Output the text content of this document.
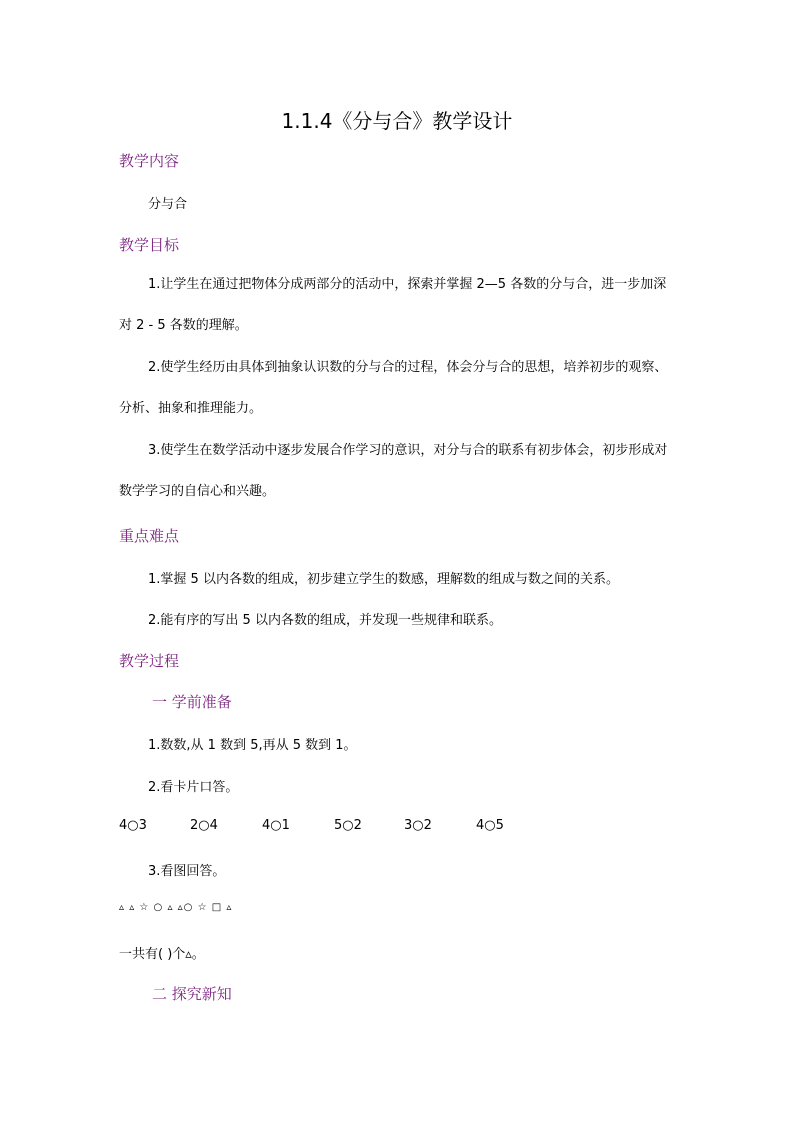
1.1.4《分与合》教学设计
教学内容
分与合
教学目标
1.让学生在通过把物体分成两部分的活动中，探索并掌握 2—5 各数的分与合，进一步加深对 2 - 5 各数的理解。
2.使学生经历由具体到抽象认识数的分与合的过程，体会分与合的思想，培养初步的观察、分析、抽象和推理能力。
3.使学生在数学活动中逐步发展合作学习的意识，对分与合的联系有初步体会，初步形成对数学学习的自信心和兴趣。
重点难点
1.掌握 5 以内各数的组成，初步建立学生的数感，理解数的组成与数之间的关系。
2.能有序的写出 5 以内各数的组成，并发现一些规律和联系。
教学过程
一 学前准备
1.数数,从 1 数到 5,再从 5 数到 1。
2.看卡片口答。
4○3	2○4	4○1	5○2	3○2	4○5
3.看图回答。
▵ ▵ ☆ ○ ▵ ▵○ ☆ □ ▵
一共有( )个▵。
二 探究新知
